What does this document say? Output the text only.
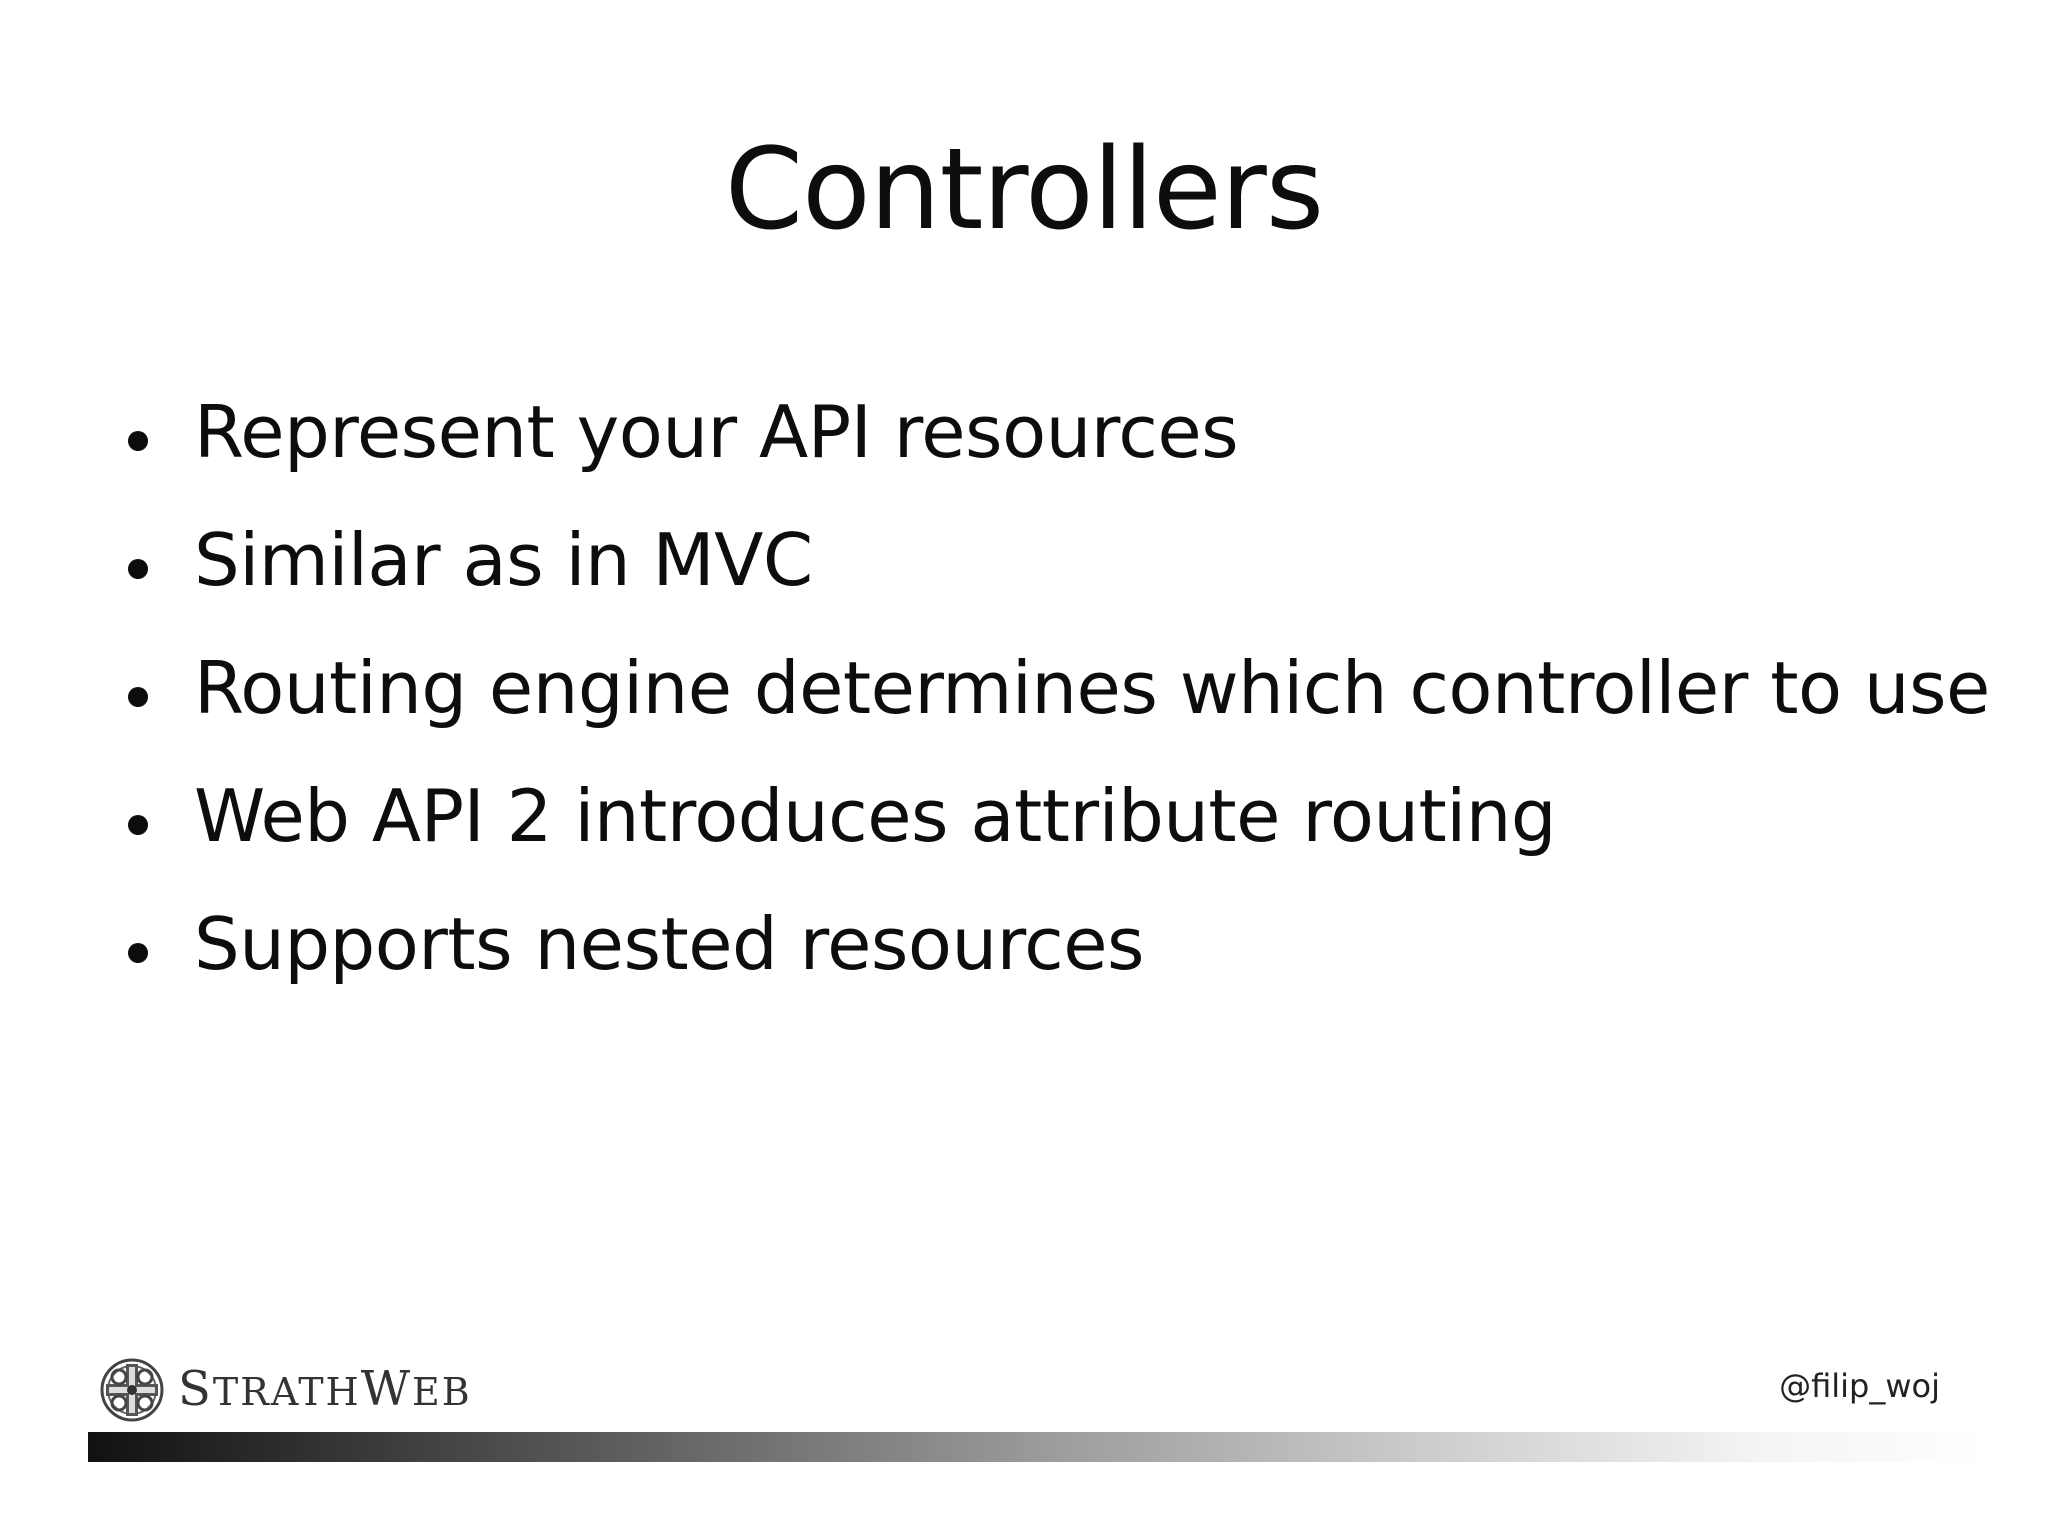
Controllers
Represent your API resources
Similar as in MVC
Routing engine determines which controller to use
Web API 2 introduces attribute routing
Supports nested resources
STRATHWEB	@filip_woj
